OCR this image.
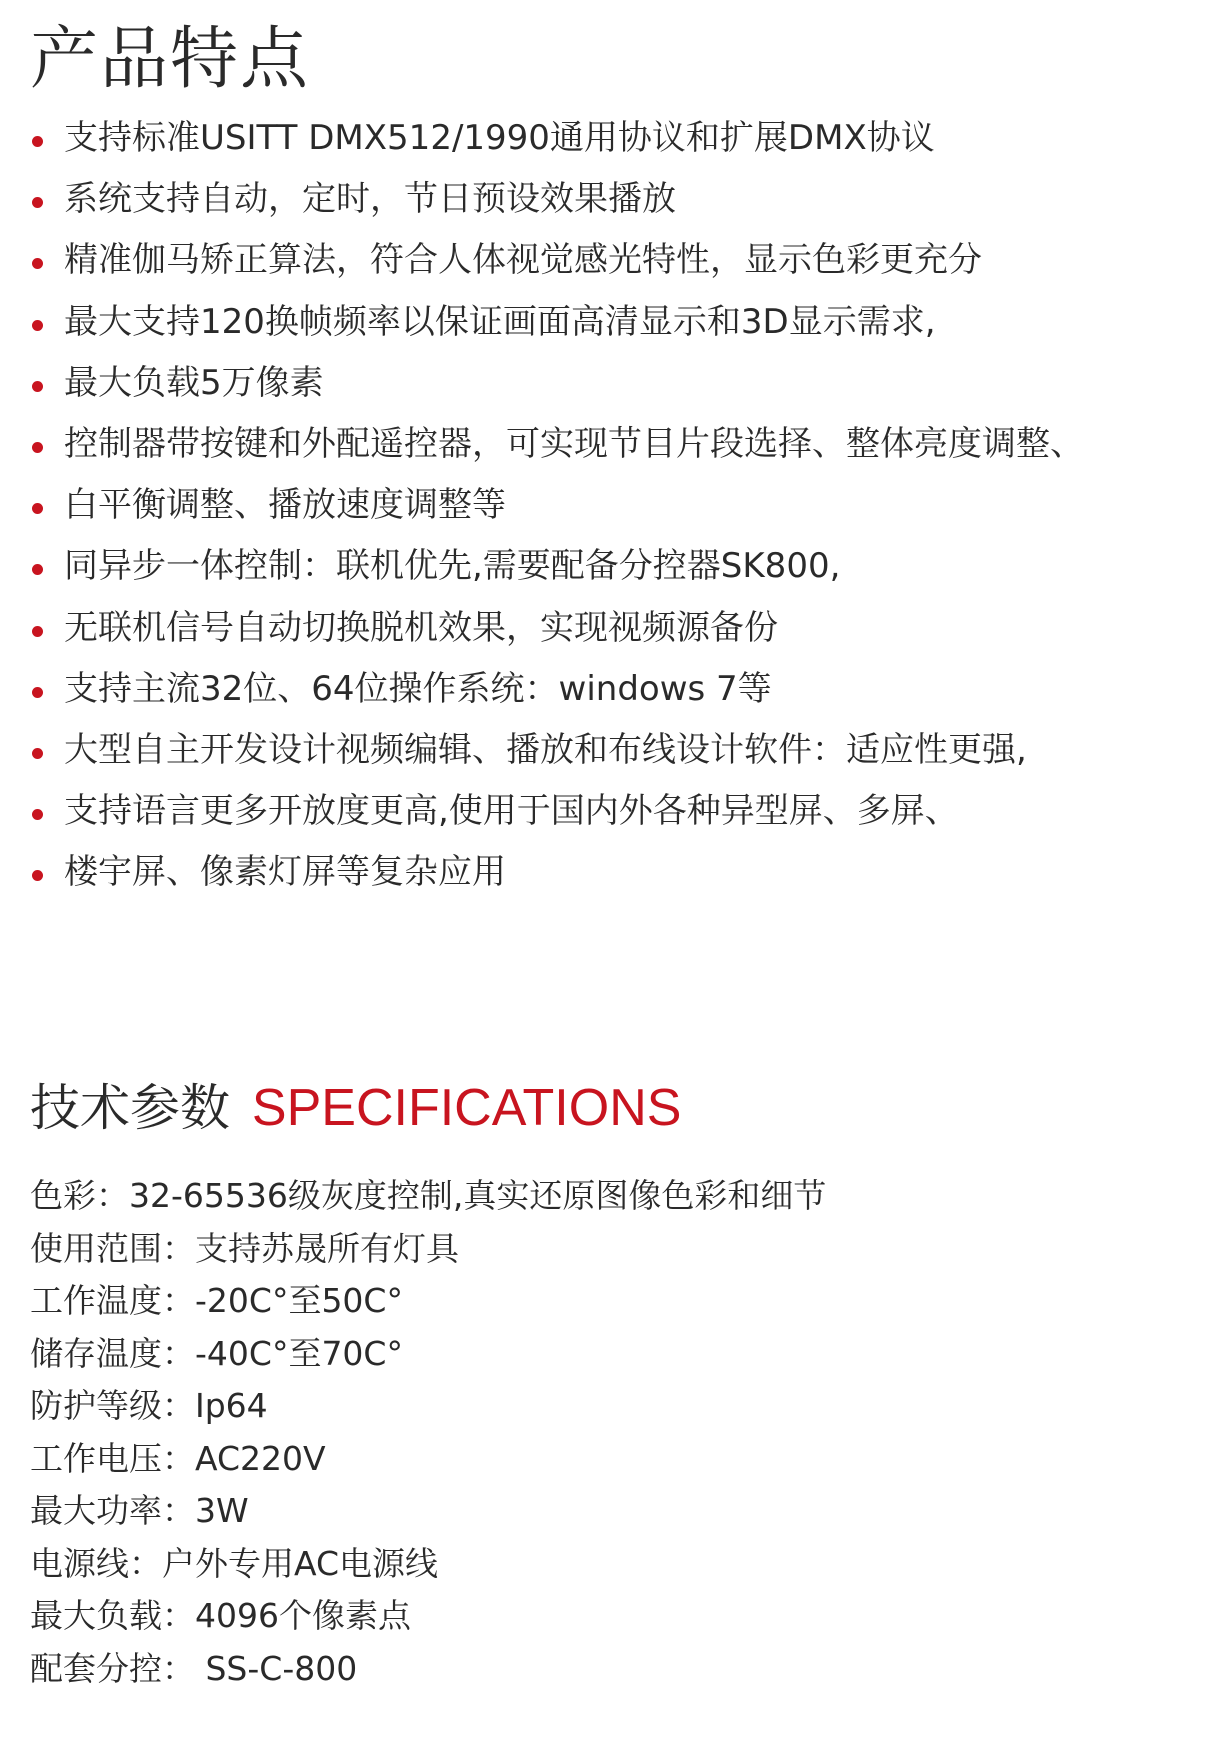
产品特点
支持标准USITT DMX512/1990通用协议和扩展DMX协议
系统支持自动，定时，节日预设效果播放
精准伽马矫正算法，符合人体视觉感光特性，显示色彩更充分
最大支持120换帧频率以保证画面高清显示和3D显示需求,
最大负载5万像素
控制器带按键和外配遥控器，可实现节目片段选择、整体亮度调整、
白平衡调整、播放速度调整等
同异步一体控制：联机优先,需要配备分控器SK800,
无联机信号自动切换脱机效果，实现视频源备份
支持主流32位、64位操作系统：windows 7等
大型自主开发设计视频编辑、播放和布线设计软件：适应性更强,
支持语言更多开放度更高,使用于国内外各种异型屏、多屏、
楼宇屏、像素灯屏等复杂应用
技术参数 SPECIFICATIONS
色彩：32-65536级灰度控制,真实还原图像色彩和细节
使用范围：支持苏晟所有灯具
工作温度：-20C°至50C°
储存温度：-40C°至70C°
防护等级：Ip64
工作电压：AC220V
最大功率：3W
电源线：户外专用AC电源线
最大负载：4096个像素点
配套分控： SS-C-800
